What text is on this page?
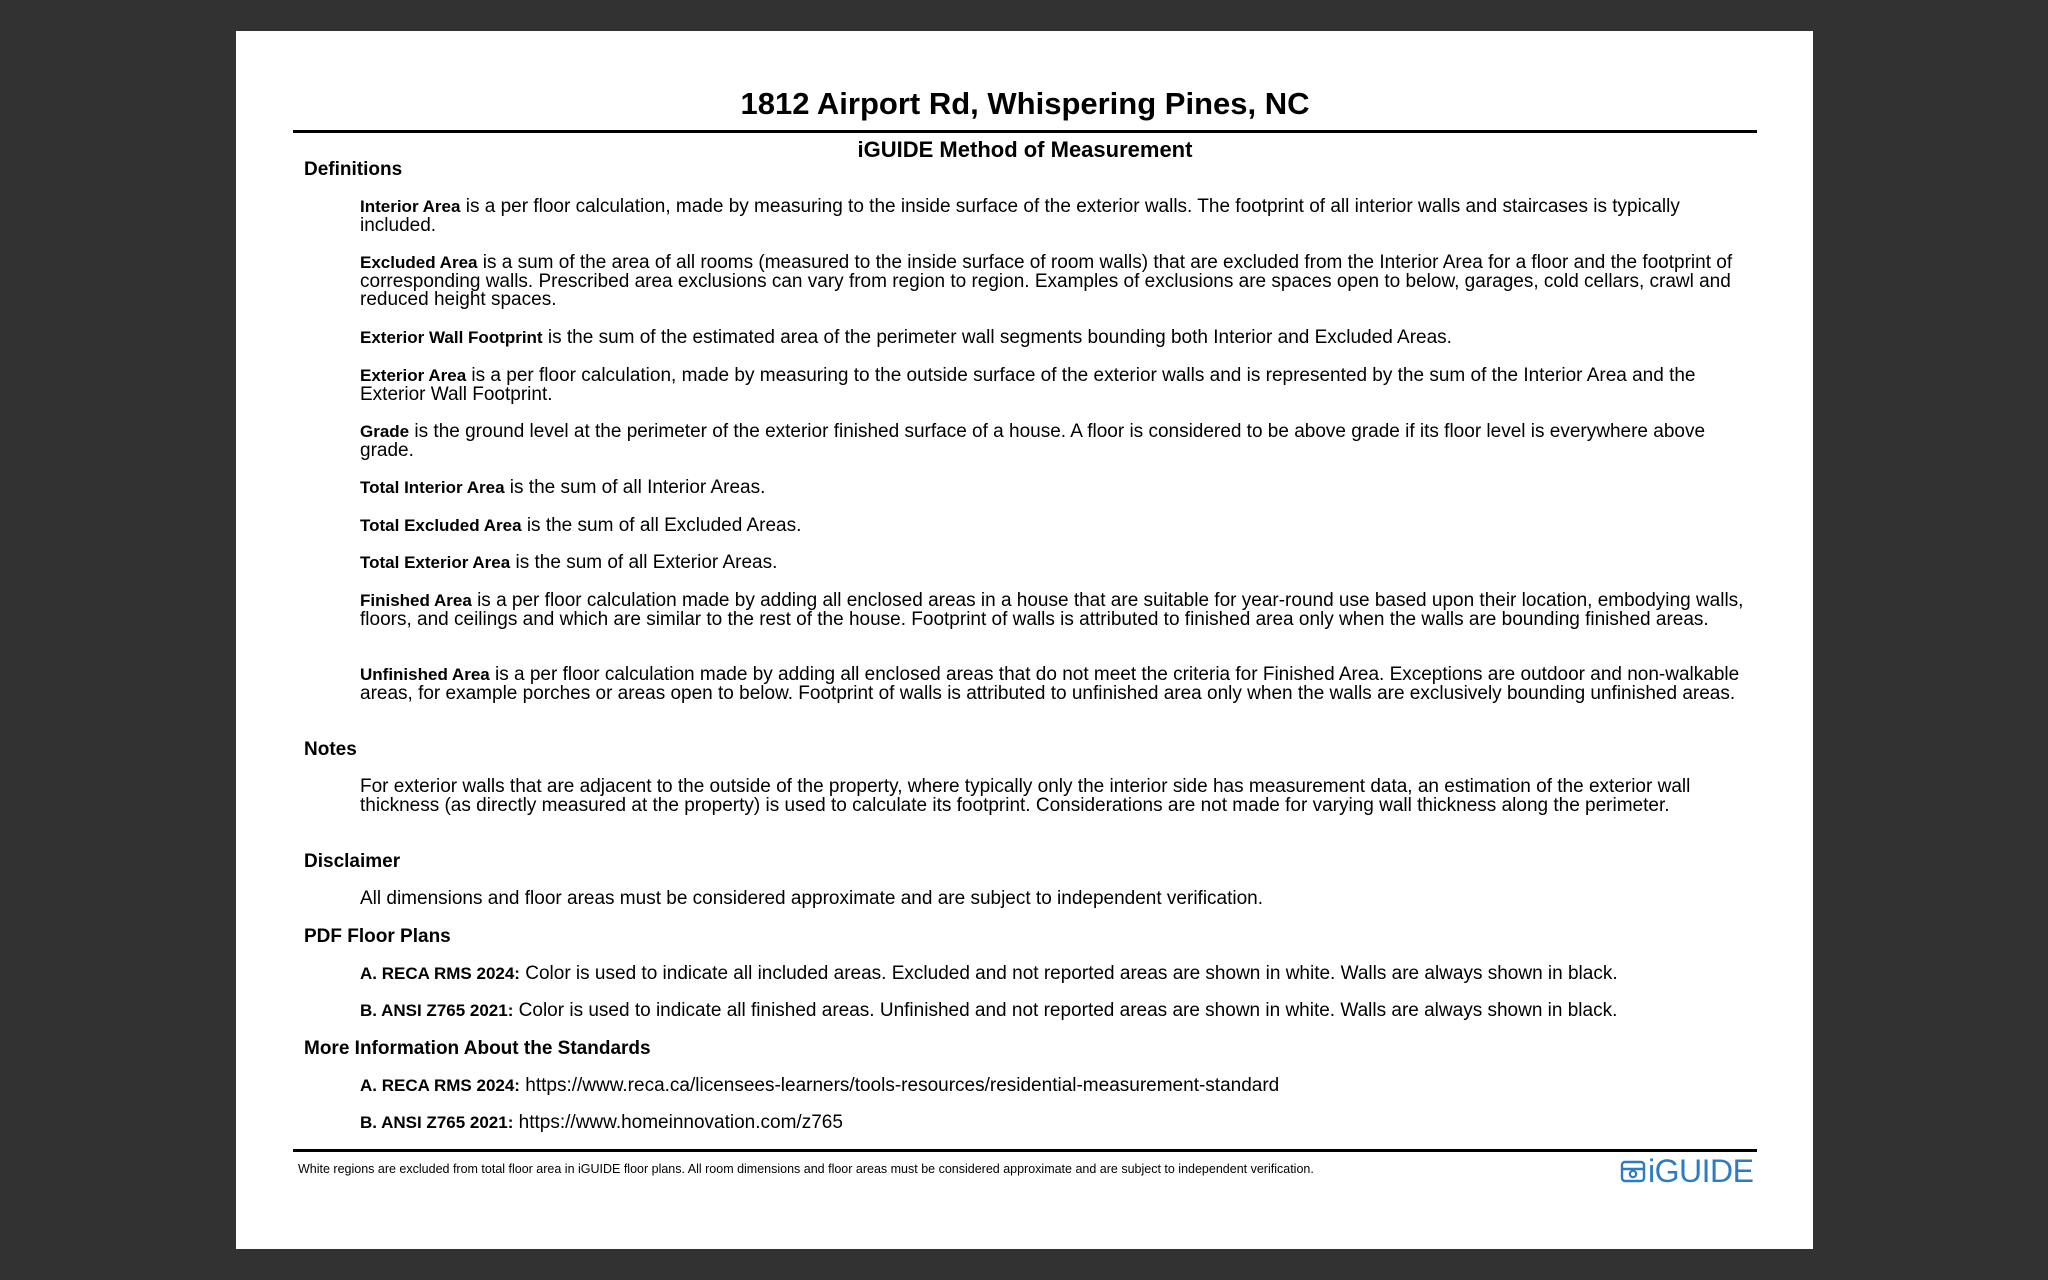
1812 Airport Rd, Whispering Pines, NC
iGUIDE Method of Measurement
Definitions
Interior Area is a per floor calculation, made by measuring to the inside surface of the exterior walls. The footprint of all interior walls and staircases is typically included.
Excluded Area is a sum of the area of all rooms (measured to the inside surface of room walls) that are excluded from the Interior Area for a floor and the footprint of corresponding walls. Prescribed area exclusions can vary from region to region. Examples of exclusions are spaces open to below, garages, cold cellars, crawl and reduced height spaces.
Exterior Wall Footprint is the sum of the estimated area of the perimeter wall segments bounding both Interior and Excluded Areas.
Exterior Area is a per floor calculation, made by measuring to the outside surface of the exterior walls and is represented by the sum of the Interior Area and the Exterior Wall Footprint.
Grade is the ground level at the perimeter of the exterior finished surface of a house. A floor is considered to be above grade if its floor level is everywhere above grade.
Total Interior Area is the sum of all Interior Areas.
Total Excluded Area is the sum of all Excluded Areas.
Total Exterior Area is the sum of all Exterior Areas.
Finished Area is a per floor calculation made by adding all enclosed areas in a house that are suitable for year-round use based upon their location, embodying walls, floors, and ceilings and which are similar to the rest of the house. Footprint of walls is attributed to finished area only when the walls are bounding finished areas.
Unfinished Area is a per floor calculation made by adding all enclosed areas that do not meet the criteria for Finished Area. Exceptions are outdoor and non-walkable areas, for example porches or areas open to below. Footprint of walls is attributed to unfinished area only when the walls are exclusively bounding unfinished areas.
Notes
For exterior walls that are adjacent to the outside of the property, where typically only the interior side has measurement data, an estimation of the exterior wall thickness (as directly measured at the property) is used to calculate its footprint. Considerations are not made for varying wall thickness along the perimeter.
Disclaimer
All dimensions and floor areas must be considered approximate and are subject to independent verification.
PDF Floor Plans
A. RECA RMS 2024: Color is used to indicate all included areas. Excluded and not reported areas are shown in white. Walls are always shown in black.
B. ANSI Z765 2021: Color is used to indicate all finished areas. Unfinished and not reported areas are shown in white. Walls are always shown in black.
More Information About the Standards
A. RECA RMS 2024: https://www.reca.ca/licensees-learners/tools-resources/residential-measurement-standard
B. ANSI Z765 2021: https://www.homeinnovation.com/z765
White regions are excluded from total floor area in iGUIDE floor plans. All room dimensions and floor areas must be considered approximate and are subject to independent verification.	iGUIDE
